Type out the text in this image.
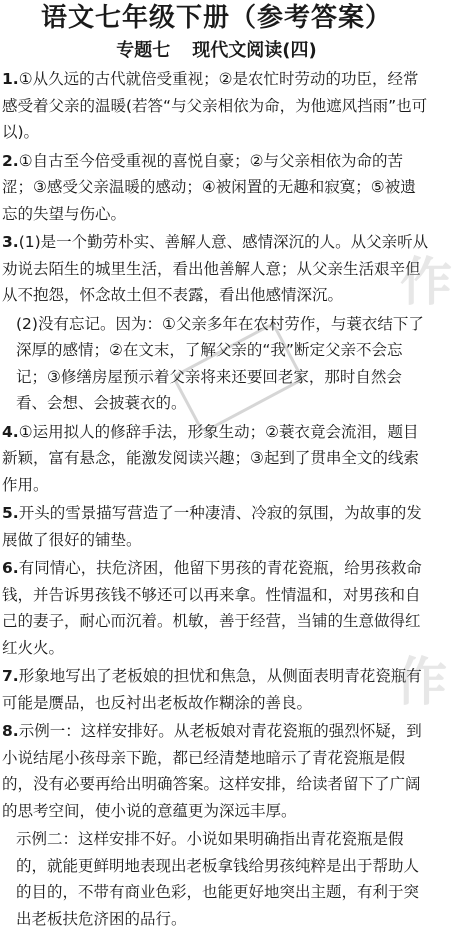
语文七年级下册（参考答案）
专题七 现代文阅读(四)
1.①从久远的古代就倍受重视；②是农忙时劳动的功臣，经常感受着父亲的温暖(若答“与父亲相依为命，为他遮风挡雨”也可以)。
2.①自古至今倍受重视的喜悦自豪；②与父亲相依为命的苦涩；③感受父亲温暖的感动；④被闲置的无趣和寂寞；⑤被遗忘的失望与伤心。
3.(1)是一个勤劳朴实、善解人意、感情深沉的人。从父亲听从劝说去陌生的城里生活，看出他善解人意；从父亲生活艰辛但从不抱怨，怀念故土但不表露，看出他感情深沉。
(2)没有忘记。因为：①父亲多年在农村劳作，与蓑衣结下了深厚的感情；②在文末，了解父亲的“我”断定父亲不会忘记；③修缮房屋预示着父亲将来还要回老家，那时自然会看、会想、会披蓑衣的。
4.①运用拟人的修辞手法，形象生动；②蓑衣竟会流泪，题目新颖，富有悬念，能激发阅读兴趣；③起到了贯串全文的线索作用。
5.开头的雪景描写营造了一种凄清、冷寂的氛围，为故事的发展做了很好的铺垫。
6.有同情心，扶危济困，他留下男孩的青花瓷瓶，给男孩救命钱，并告诉男孩钱不够还可以再来拿。性情温和，对男孩和自己的妻子，耐心而沉着。机敏，善于经营，当铺的生意做得红红火火。
7.形象地写出了老板娘的担忧和焦急，从侧面表明青花瓷瓶有可能是赝品，也反衬出老板故作糊涂的善良。
8.示例一：这样安排好。从老板娘对青花瓷瓶的强烈怀疑，到小说结尾小孩母亲下跪，都已经清楚地暗示了青花瓷瓶是假的，没有必要再给出明确答案。这样安排，给读者留下了广阔的思考空间，使小说的意蕴更为深远丰厚。
示例二：这样安排不好。小说如果明确指出青花瓷瓶是假的，就能更鲜明地表现出老板拿钱给男孩纯粹是出于帮助人的目的，不带有商业色彩，也能更好地突出主题，有利于突出老板扶危济困的品行。
作
作
